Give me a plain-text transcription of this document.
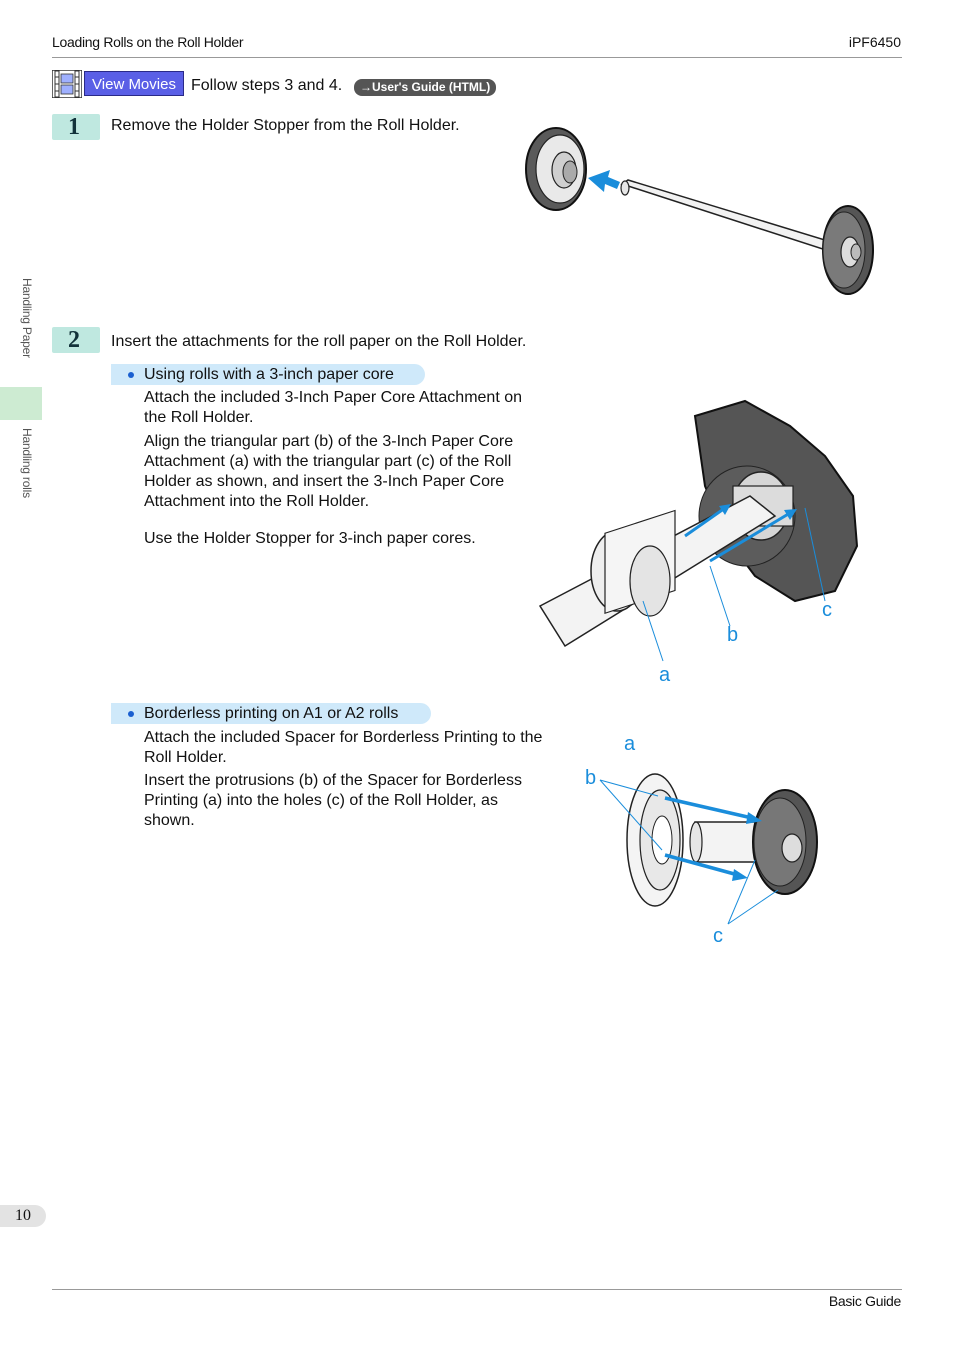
Loading Rolls on the Roll Holder	iPF6450
Handling Paper
Handling rolls
View Movies Follow steps 3 and 4.	→User's Guide (HTML)
1	Remove the Holder Stopper from the Roll Holder.
2	Insert the attachments for the roll paper on the Roll Holder.
Using rolls with a 3-inch paper core
Attach the included 3-Inch Paper Core Attachment on the Roll Holder.
Align the triangular part (b) of the 3-Inch Paper Core Attachment (a) with the triangular part (c) of the Roll Holder as shown, and insert the 3-Inch Paper Core Attachment into the Roll Holder.
Use the Holder Stopper for 3-inch paper cores.
c
b
a
Borderless printing on A1 or A2 rolls
Attach the included Spacer for Borderless Printing to the Roll Holder.
Insert the protrusions (b) of the Spacer for Borderless Printing (a) into the holes (c) of the Roll Holder, as shown.
a
b
c
10
Basic Guide
